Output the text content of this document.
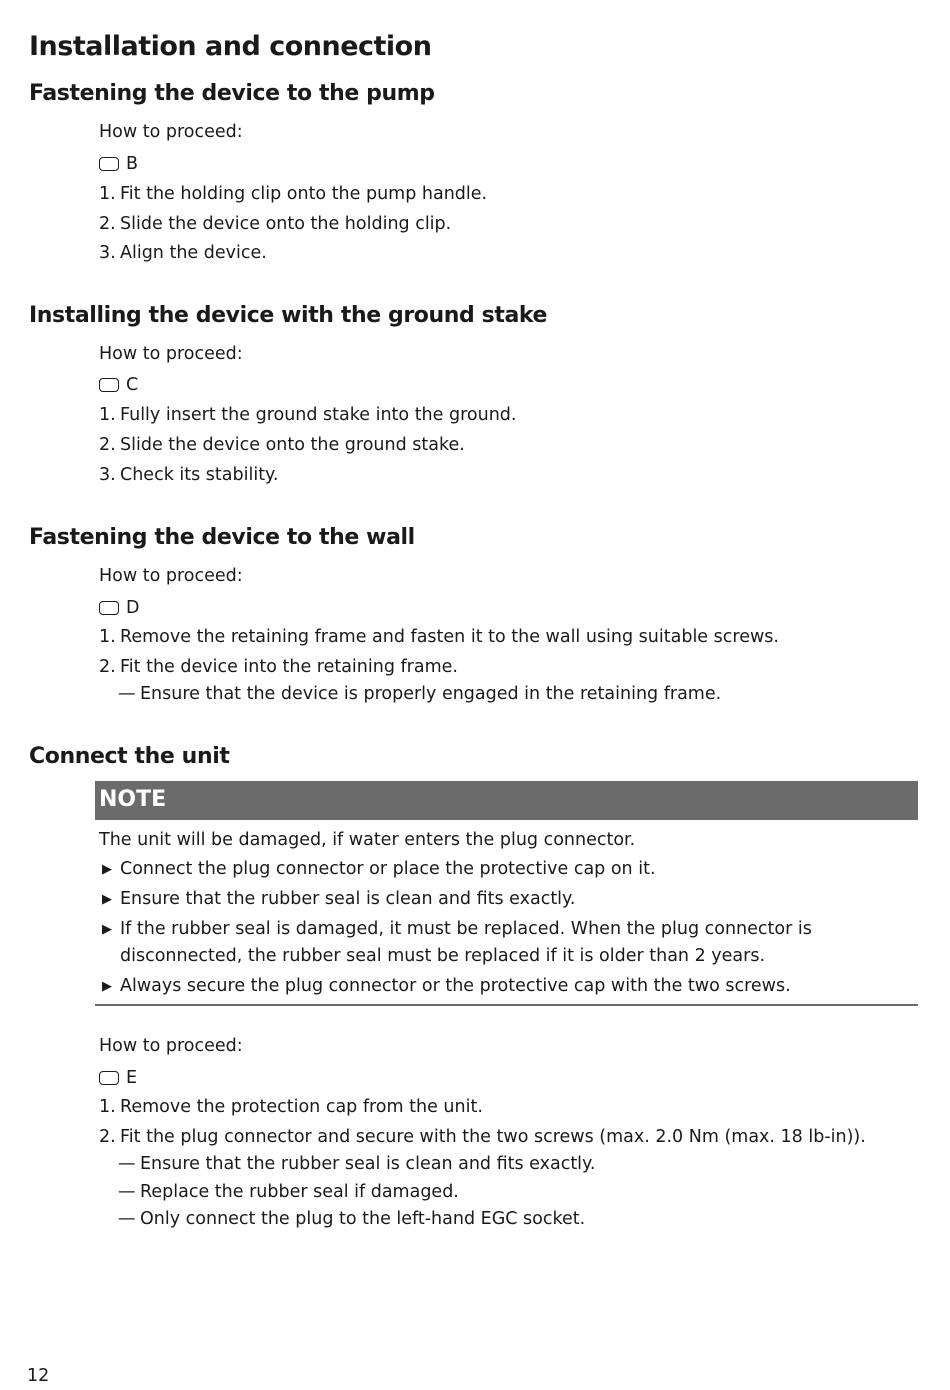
Installation and connection
Fastening the device to the pump
How to proceed:
B
1. Fit the holding clip onto the pump handle.
2. Slide the device onto the holding clip.
3. Align the device.
Installing the device with the ground stake
How to proceed:
C
1. Fully insert the ground stake into the ground.
2. Slide the device onto the ground stake.
3. Check its stability.
Fastening the device to the wall
How to proceed:
D
1. Remove the retaining frame and fasten it to the wall using suitable screws.
2. Fit the device into the retaining frame.
— Ensure that the device is properly engaged in the retaining frame.
Connect the unit
NOTE
The unit will be damaged, if water enters the plug connector.
▶ Connect the plug connector or place the protective cap on it.
▶ Ensure that the rubber seal is clean and fits exactly.
▶ If the rubber seal is damaged, it must be replaced. When the plug connector is disconnected, the rubber seal must be replaced if it is older than 2 years.
▶ Always secure the plug connector or the protective cap with the two screws.
How to proceed:
E
1. Remove the protection cap from the unit.
2. Fit the plug connector and secure with the two screws (max. 2.0 Nm (max. 18 lb-in)).
— Ensure that the rubber seal is clean and fits exactly.
— Replace the rubber seal if damaged.
— Only connect the plug to the left-hand EGC socket.
12
